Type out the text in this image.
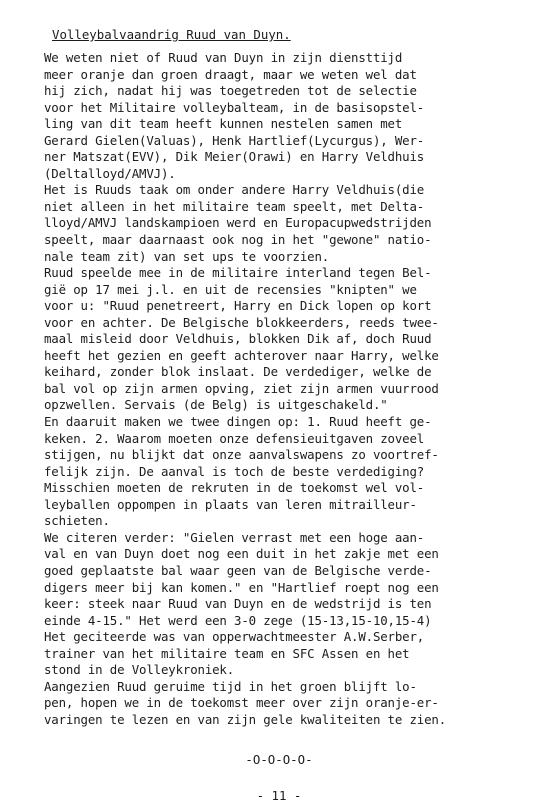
Volleybalvaandrig Ruud van Duyn.
We weten niet of Ruud van Duyn in zijn diensttijd
meer oranje dan groen draagt, maar we weten wel dat
hij zich, nadat hij was toegetreden tot de selectie
voor het Militaire volleybalteam, in de basisopstel-
ling van dit team heeft kunnen nestelen samen met
Gerard Gielen(Valuas), Henk Hartlief(Lycurgus), Wer-
ner Matszat(EVV), Dik Meier(Orawi) en Harry Veldhuis
(Deltalloyd/AMVJ).
Het is Ruuds taak om onder andere Harry Veldhuis(die
niet alleen in het militaire team speelt, met Delta-
lloyd/AMVJ landskampioen werd en Europacupwedstrijden
speelt, maar daarnaast ook nog in het "gewone" natio-
nale team zit) van set ups te voorzien.
Ruud speelde mee in de militaire interland tegen Bel-
gië op 17 mei j.l. en uit de recensies "knipten" we
voor u: "Ruud penetreert, Harry en Dick lopen op kort
voor en achter. De Belgische blokkeerders, reeds twee-
maal misleid door Veldhuis, blokken Dik af, doch Ruud
heeft het gezien en geeft achterover naar Harry, welke
keihard, zonder blok inslaat. De verdediger, welke de
bal vol op zijn armen opving, ziet zijn armen vuurrood
opzwellen. Servais (de Belg) is uitgeschakeld."
En daaruit maken we twee dingen op: 1. Ruud heeft ge-
keken. 2. Waarom moeten onze defensieuitgaven zoveel
stijgen, nu blijkt dat onze aanvalswapens zo voortref-
felijk zijn. De aanval is toch de beste verdediging?
Misschien moeten de rekruten in de toekomst wel vol-
leyballen oppompen in plaats van leren mitrailleur-
schieten.
We citeren verder: "Gielen verrast met een hoge aan-
val en van Duyn doet nog een duit in het zakje met een
goed geplaatste bal waar geen van de Belgische verde-
digers meer bij kan komen." en "Hartlief roept nog een
keer: steek naar Ruud van Duyn en de wedstrijd is ten
einde 4-15." Het werd een 3-0 zege (15-13,15-10,15-4)
Het geciteerde was van opperwachtmeester A.W.Serber,
trainer van het militaire team en SFC Assen en het
stond in de Volleykroniek.
Aangezien Ruud geruime tijd in het groen blijft lo-
pen, hopen we in de toekomst meer over zijn oranje-er-
varingen te lezen en van zijn gele kwaliteiten te zien.
-O-O-O-O-
- 11 -
